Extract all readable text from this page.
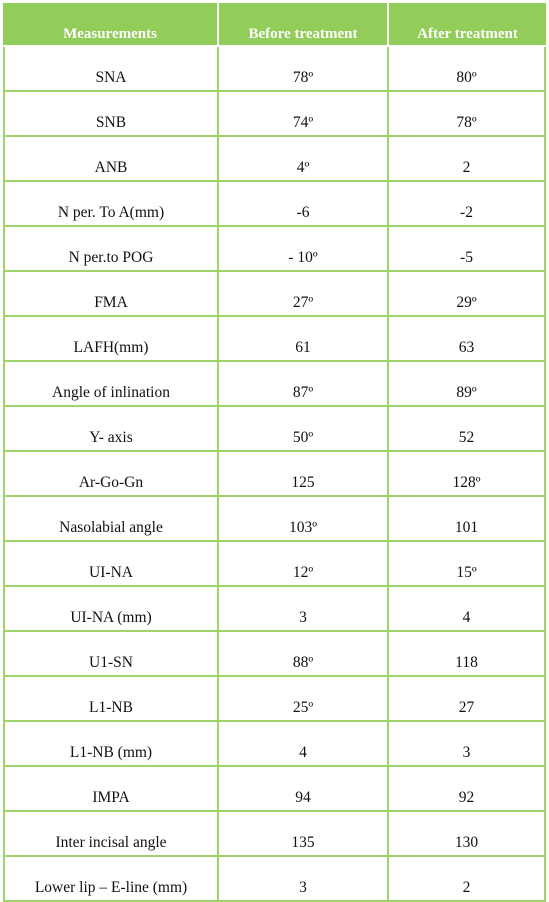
Measurements	Before treatment	After treatment
SNA	78º	80º
SNB	74º	78º
ANB	4º	2
N per. To A(mm)	-6	-2
N per.to POG	- 10º	-5
FMA	27º	29º
LAFH(mm)	61	63
Angle of inlination	87º	89º
Y- axis	50º	52
Ar-Go-Gn	125	128º
Nasolabial angle	103º	101
UI-NA	12º	15º
UI-NA (mm)	3	4
U1-SN	88º	118
L1-NB	25º	27
L1-NB (mm)	4	3
IMPA	94	92
Inter incisal angle	135	130
Lower lip – E-line (mm)	3	2
